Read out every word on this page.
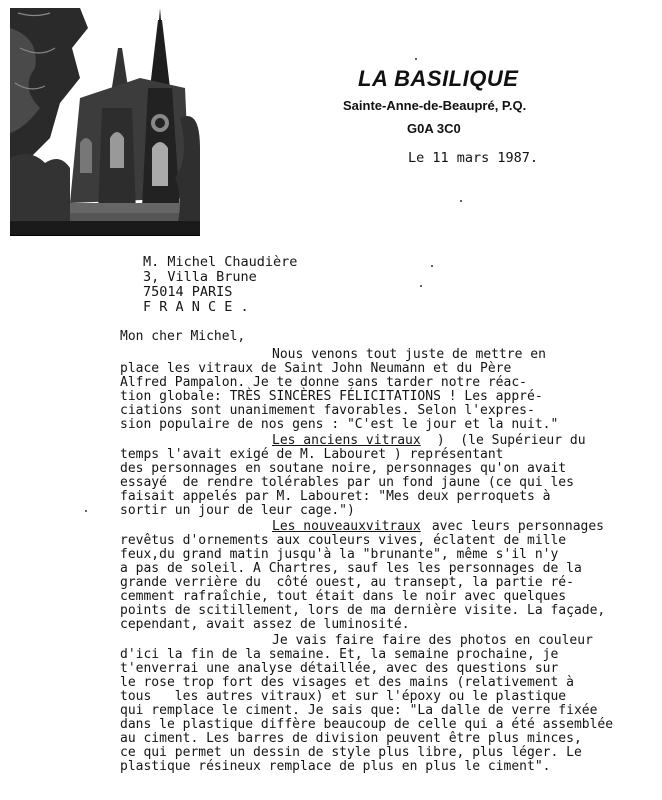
LA BASILIQUE
Sainte-Anne-de-Beaupré, P.Q.
G0A 3C0
Le 11 mars 1987.
M. Michel Chaudière
3, Villa Brune
75014 PARIS
F R A N C E .
Mon cher Michel,
Nous venons tout juste de mettre en
place les vitraux de Saint John Neumann et du Père
Alfred Pampalon. Je te donne sans tarder notre réac-
tion globale: TRÈS SINCÈRES FÉLICITATIONS ! Les appré-
ciations sont unanimement favorables. Selon l'expres-
sion populaire de nos gens : "C'est le jour et la nuit."
Les anciens vitraux )  (le Supérieur du
temps l'avait exigé de M. Labouret ) représentant
des personnages en soutane noire, personnages qu'on avait
essayé  de rendre tolérables par un fond jaune (ce qui les
faisait appelés par M. Labouret: "Mes deux perroquets à
sortir un jour de leur cage.")
Les nouveauxvitraux avec leurs personnages
revêtus d'ornements aux couleurs vives, éclatent de mille
feux,du grand matin jusqu'à la "brunante", même s'il n'y
a pas de soleil. A Chartres, sauf les les personnages de la
grande verrière du  côté ouest, au transept, la partie ré-
cemment rafraîchie, tout était dans le noir avec quelques
points de scitillement, lors de ma dernière visite. La façade,
cependant, avait assez de luminosité.
Je vais faire faire des photos en couleur
d'ici la fin de la semaine. Et, la semaine prochaine, je
t'enverrai une analyse détaillée, avec des questions sur
le rose trop fort des visages et des mains (relativement à
tous   les autres vitraux) et sur l'époxy ou le plastique
qui remplace le ciment. Je sais que: "La dalle de verre fixée
dans le plastique diffère beaucoup de celle qui a été assemblée
au ciment. Les barres de division peuvent être plus minces,
ce qui permet un dessin de style plus libre, plus léger. Le
plastique résineux remplace de plus en plus le ciment".
